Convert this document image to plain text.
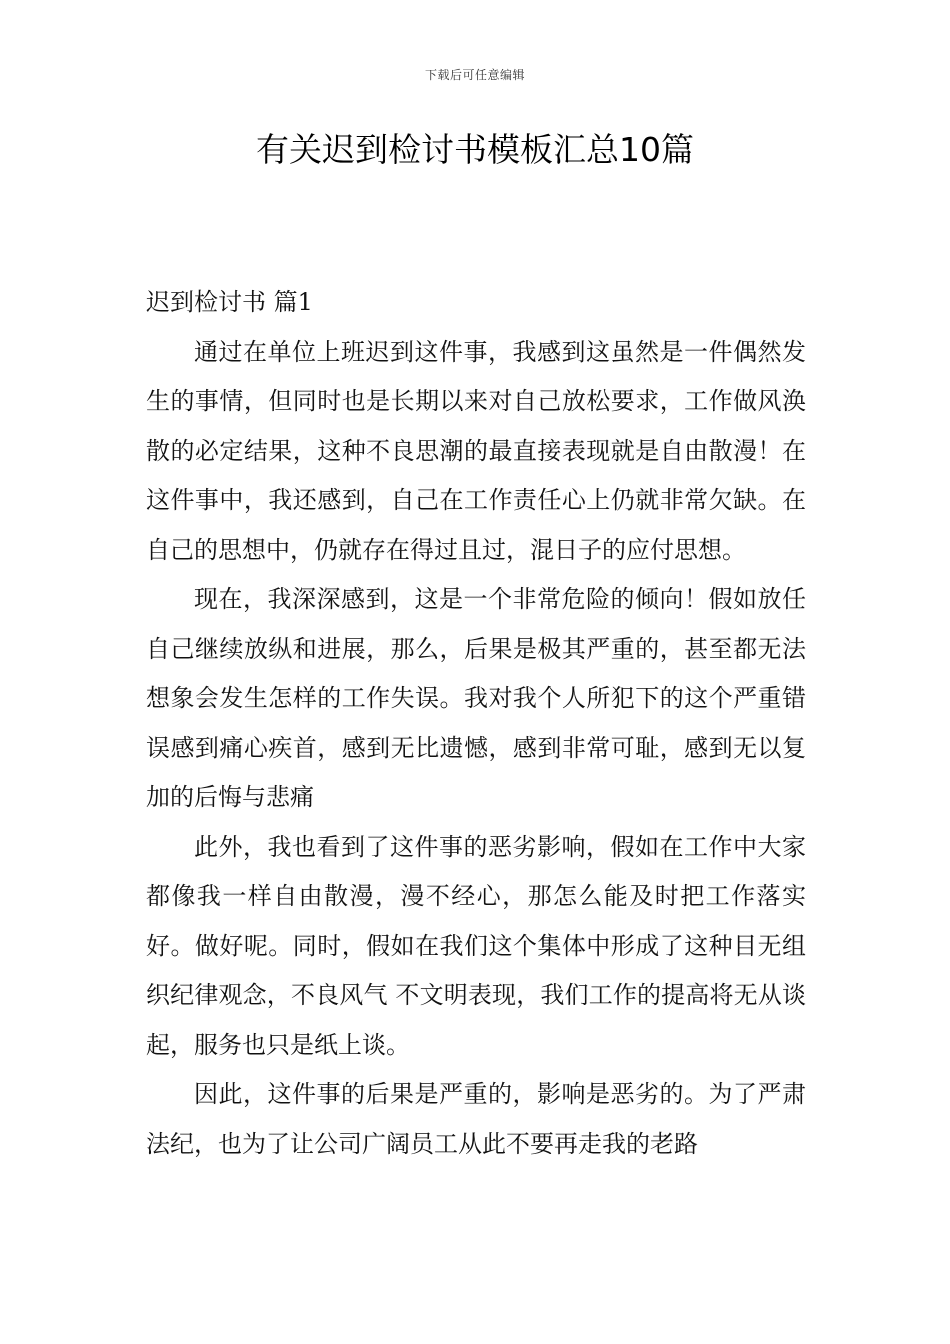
下载后可任意编辑
有关迟到检讨书模板汇总10篇
迟到检讨书 篇1

通过在单位上班迟到这件事，我感到这虽然是一件偶然发生的事情，但同时也是长期以来对自己放松要求，工作做风涣散的必定结果，这种不良思潮的最直接表现就是自由散漫！在这件事中，我还感到，自己在工作责任心上仍就非常欠缺。在自己的思想中，仍就存在得过且过，混日子的应付思想。

现在，我深深感到，这是一个非常危险的倾向！假如放任自己继续放纵和进展，那么，后果是极其严重的，甚至都无法想象会发生怎样的工作失误。我对我个人所犯下的这个严重错误感到痛心疾首，感到无比遗憾，感到非常可耻，感到无以复加的后悔与悲痛

此外，我也看到了这件事的恶劣影响，假如在工作中大家都像我一样自由散漫，漫不经心，那怎么能及时把工作落实好。做好呢。同时，假如在我们这个集体中形成了这种目无组织纪律观念，不良风气 不文明表现，我们工作的提高将无从谈起，服务也只是纸上谈。

因此，这件事的后果是严重的，影响是恶劣的。为了严肃法纪，也为了让公司广阔员工从此不要再走我的老路
